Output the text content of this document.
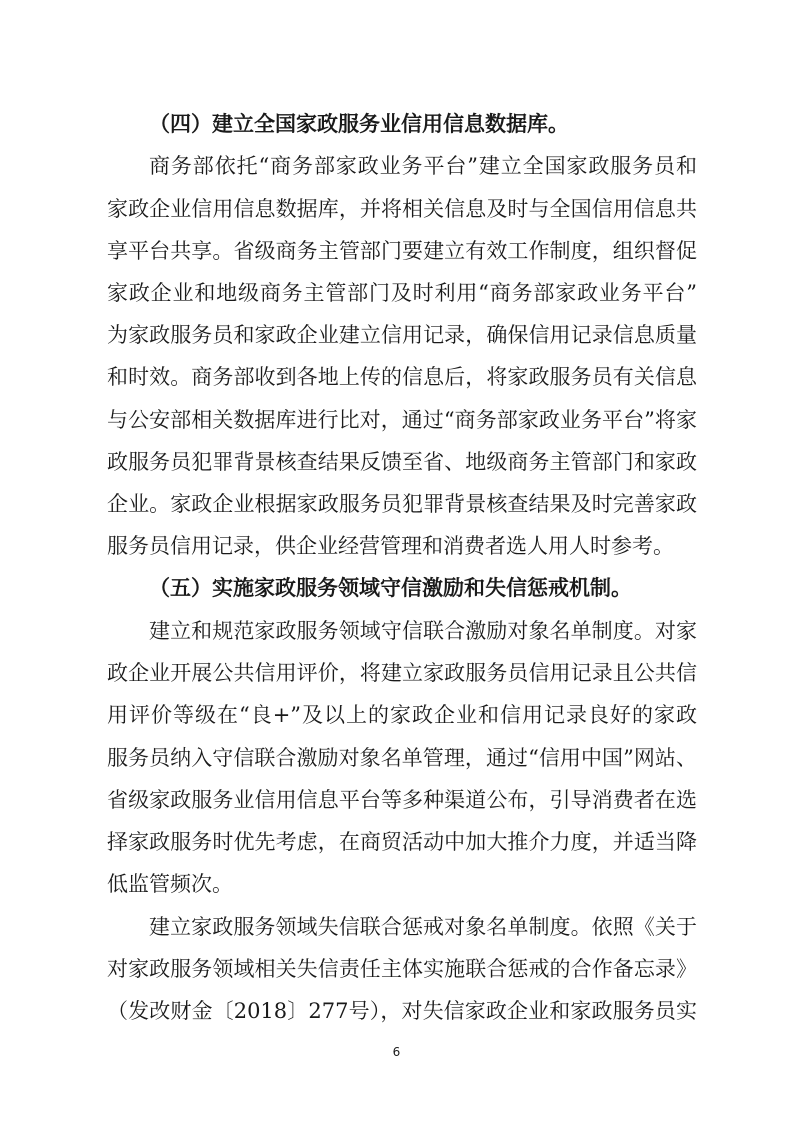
（四）建立全国家政服务业信用信息数据库。
商务部依托“商务部家政业务平台”建立全国家政服务员和
家政企业信用信息数据库，并将相关信息及时与全国信用信息共
享平台共享。省级商务主管部门要建立有效工作制度，组织督促
家政企业和地级商务主管部门及时利用“商务部家政业务平台”
为家政服务员和家政企业建立信用记录，确保信用记录信息质量
和时效。商务部收到各地上传的信息后，将家政服务员有关信息
与公安部相关数据库进行比对，通过“商务部家政业务平台”将家
政服务员犯罪背景核查结果反馈至省、地级商务主管部门和家政
企业。家政企业根据家政服务员犯罪背景核查结果及时完善家政
服务员信用记录，供企业经营管理和消费者选人用人时参考。
（五）实施家政服务领域守信激励和失信惩戒机制。
建立和规范家政服务领域守信联合激励对象名单制度。对家
政企业开展公共信用评价，将建立家政服务员信用记录且公共信
用评价等级在“良+”及以上的家政企业和信用记录良好的家政
服务员纳入守信联合激励对象名单管理，通过“信用中国”网站、
省级家政服务业信用信息平台等多种渠道公布，引导消费者在选
择家政服务时优先考虑，在商贸活动中加大推介力度，并适当降
低监管频次。
建立家政服务领域失信联合惩戒对象名单制度。依照《关于
对家政服务领域相关失信责任主体实施联合惩戒的合作备忘录》
（发改财金〔2018〕277号），对失信家政企业和家政服务员实
6
